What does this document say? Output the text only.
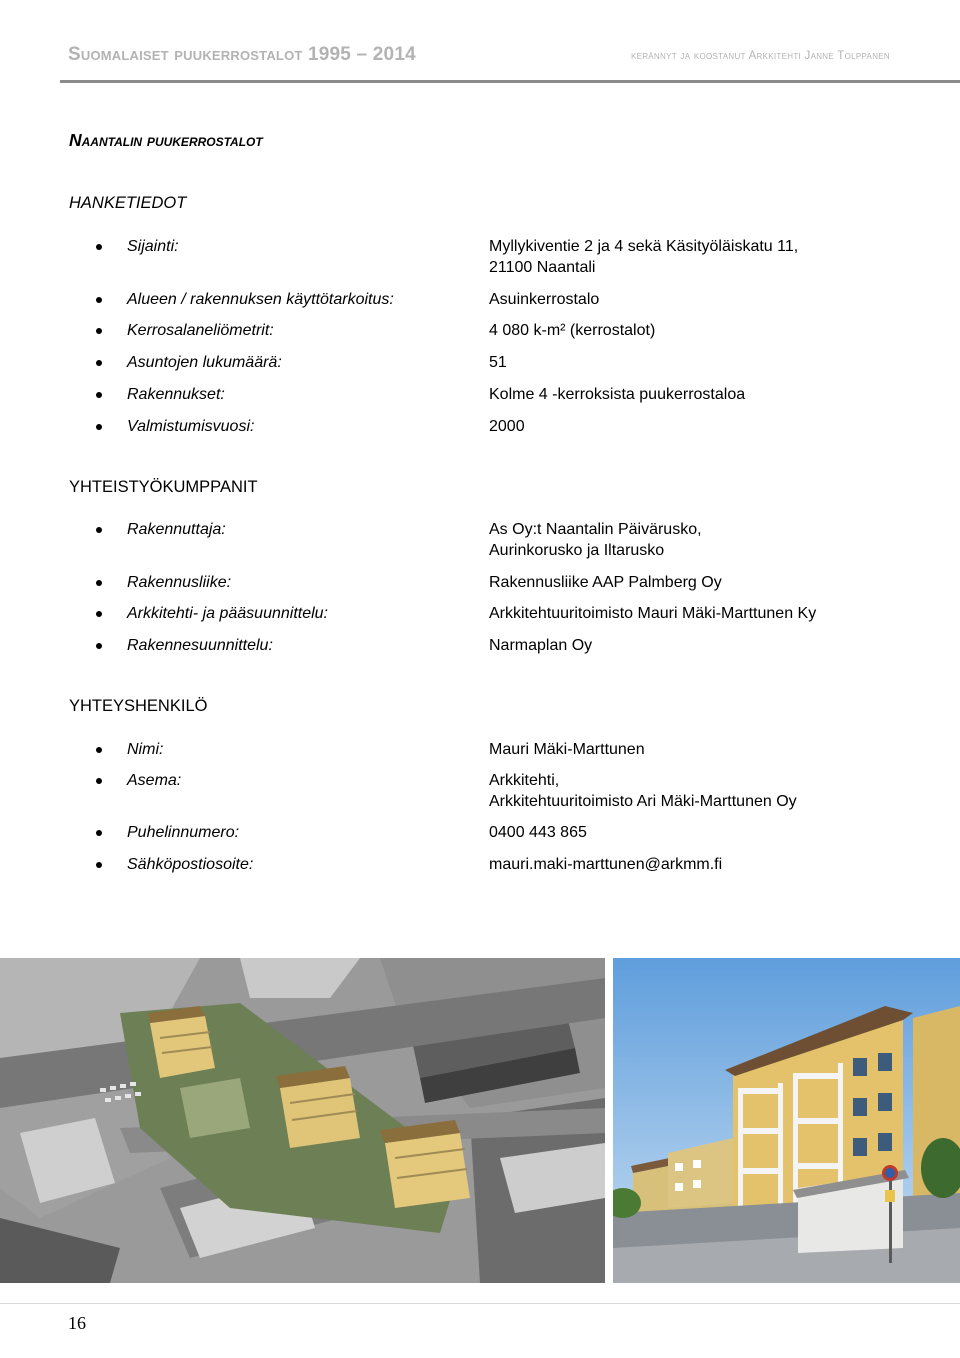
Suomalaiset puukerrostalot 1995 – 2014	kerännyt ja koostanut Arkkitehti Janne Tolppanen
Naantalin puukerrostalot
HANKETIEDOT
Sijainti:	Myllykiventie 2 ja 4 sekä Käsityöläiskatu 11,
21100 Naantali
Alueen / rakennuksen käyttötarkoitus:	Asuinkerrostalo
Kerrosalaneliömetrit:	4 080 k-m² (kerrostalot)
Asuntojen lukumäärä:	51
Rakennukset:	Kolme 4 -kerroksista puukerrostaloa
Valmistumisvuosi:	2000
YHTEISTYÖKUMPPANIT
Rakennuttaja:	As Oy:t Naantalin Päivärusko,
Aurinkorusko ja Iltarusko
Rakennusliike:	Rakennusliike AAP Palmberg Oy
Arkkitehti- ja pääsuunnittelu:	Arkkitehtuuritoimisto Mauri Mäki-Marttunen Ky
Rakennesuunnittelu:	Narmaplan Oy
YHTEYSHENKILÖ
Nimi:	Mauri Mäki-Marttunen
Asema:	Arkkitehti,
Arkkitehtuuritoimisto Ari Mäki-Marttunen Oy
Puhelinnumero:	0400 443 865
Sähköpostiosoite:	mauri.maki-marttunen@arkmm.fi
16
